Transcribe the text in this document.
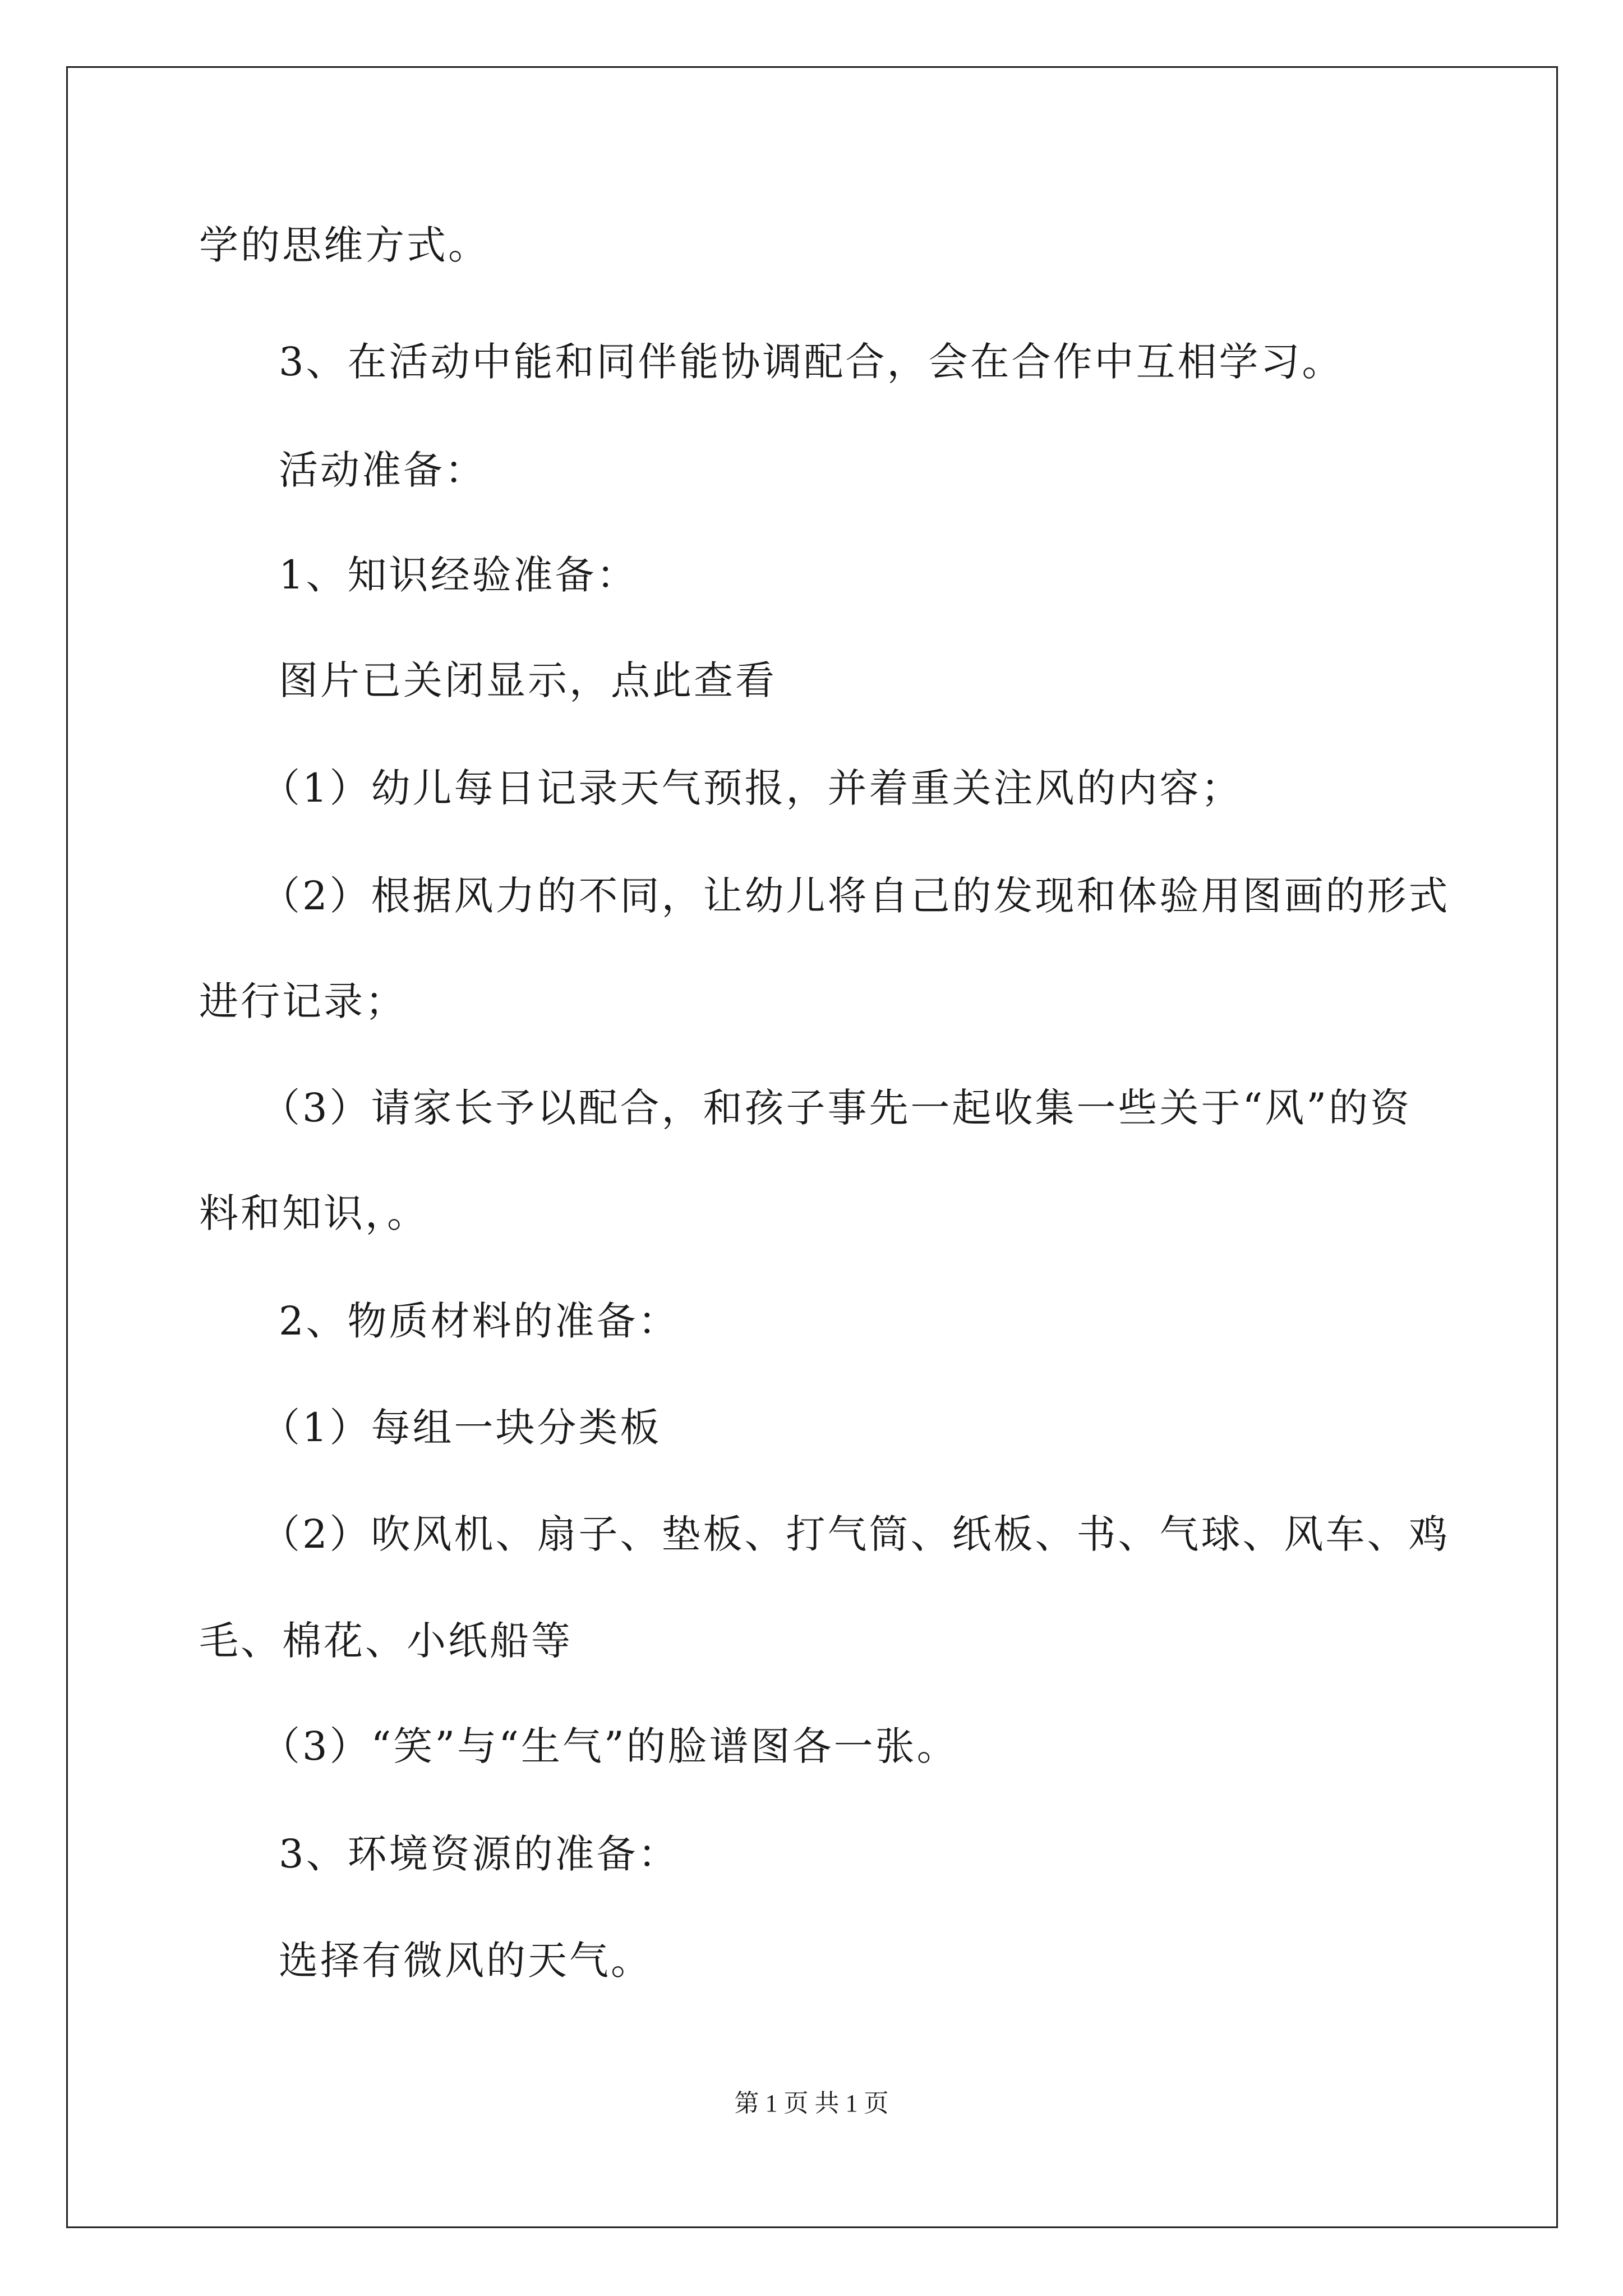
学的思维方式。
3、在活动中能和同伴能协调配合，会在合作中互相学习。
活动准备：
1、知识经验准备：
图片已关闭显示，点此查看
（1）幼儿每日记录天气预报，并着重关注风的内容；
（2）根据风力的不同，让幼儿将自己的发现和体验用图画的形式
进行记录；
（3）请家长予以配合，和孩子事先一起收集一些关于“风”的资
料和知识，。
2、物质材料的准备：
（1）每组一块分类板
（2）吹风机、扇子、垫板、打气筒、纸板、书、气球、风车、鸡
毛、棉花、小纸船等
（3）“笑”与“生气”的脸谱图各一张。
3、环境资源的准备：
选择有微风的天气。
第 1 页 共 1 页
